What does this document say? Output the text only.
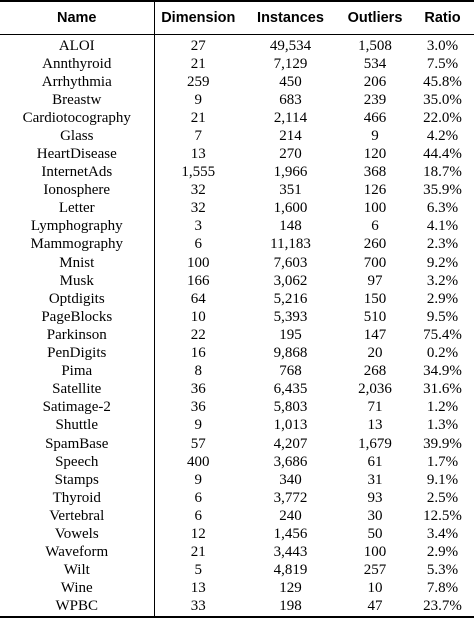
Name	Dimension	Instances	Outliers	Ratio
ALOI	27	49,534	1,508	3.0%
Annthyroid	21	7,129	534	7.5%
Arrhythmia	259	450	206	45.8%
Breastw	9	683	239	35.0%
Cardiotocography	21	2,114	466	22.0%
Glass	7	214	9	4.2%
HeartDisease	13	270	120	44.4%
InternetAds	1,555	1,966	368	18.7%
Ionosphere	32	351	126	35.9%
Letter	32	1,600	100	6.3%
Lymphography	3	148	6	4.1%
Mammography	6	11,183	260	2.3%
Mnist	100	7,603	700	9.2%
Musk	166	3,062	97	3.2%
Optdigits	64	5,216	150	2.9%
PageBlocks	10	5,393	510	9.5%
Parkinson	22	195	147	75.4%
PenDigits	16	9,868	20	0.2%
Pima	8	768	268	34.9%
Satellite	36	6,435	2,036	31.6%
Satimage-2	36	5,803	71	1.2%
Shuttle	9	1,013	13	1.3%
SpamBase	57	4,207	1,679	39.9%
Speech	400	3,686	61	1.7%
Stamps	9	340	31	9.1%
Thyroid	6	3,772	93	2.5%
Vertebral	6	240	30	12.5%
Vowels	12	1,456	50	3.4%
Waveform	21	3,443	100	2.9%
Wilt	5	4,819	257	5.3%
Wine	13	129	10	7.8%
WPBC	33	198	47	23.7%
